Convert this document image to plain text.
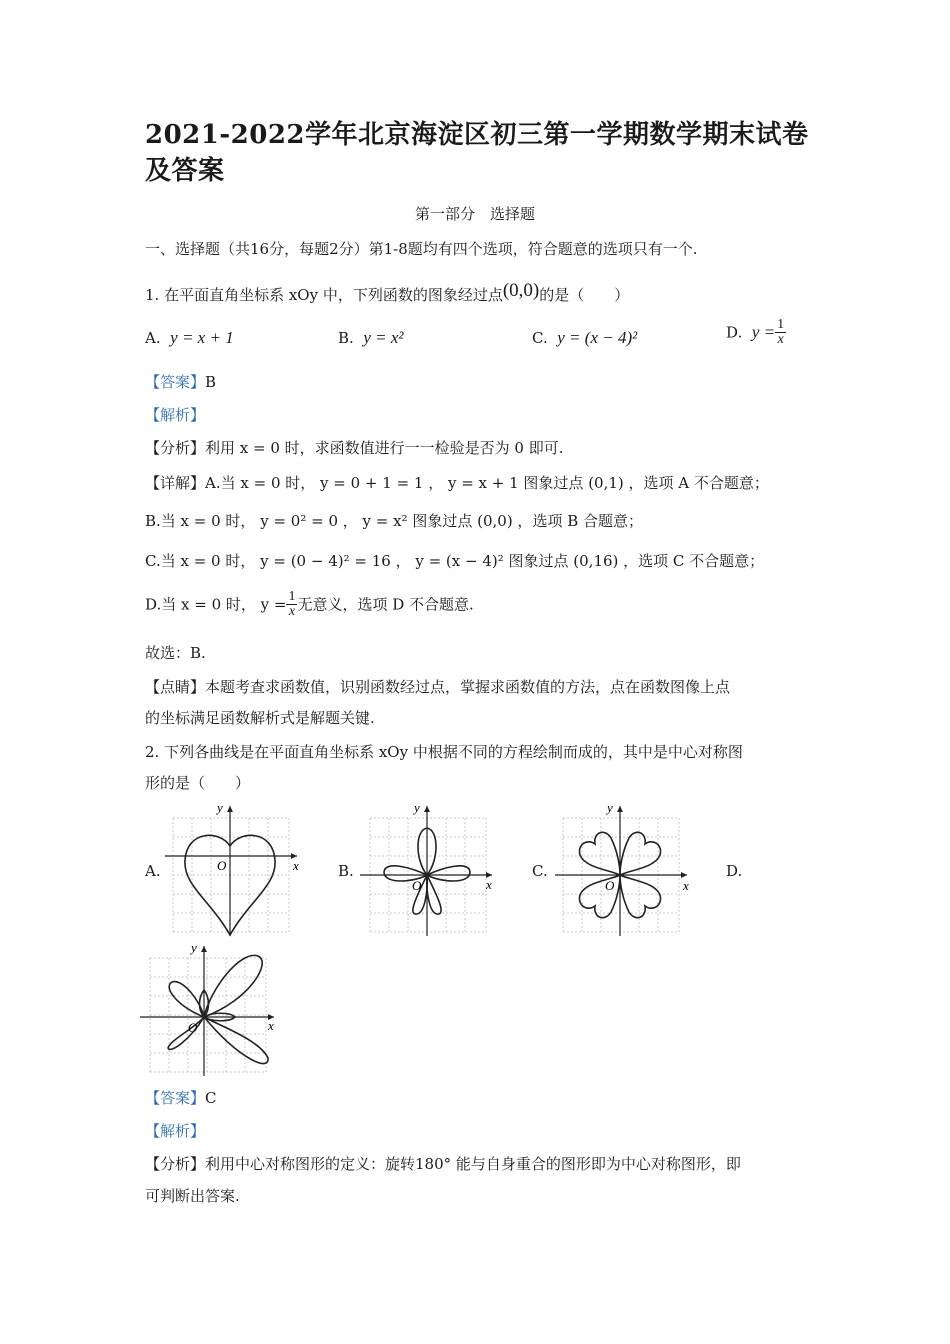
2021-2022学年北京海淀区初三第一学期数学期末试卷及答案
第一部分　选择题
一、选择题（共16分，每题2分）第1-8题均有四个选项，符合题意的选项只有一个.
1. 在平面直角坐标系 xOy 中，下列函数的图象经过点(0,0)的是（　　）
A. y = x + 1	B. y = x²	C. y = (x − 4)²	D. $y = \frac{1}{x}$
【答案】B
【解析】
【分析】利用 x = 0 时，求函数值进行一一检验是否为 0 即可.
【详解】A.当 x = 0 时， y = 0 + 1 = 1 ， y = x + 1 图象过点 (0,1) ，选项 A 不合题意；
B.当 x = 0 时， y = 0² = 0 ， y = x² 图象过点 (0,0) ，选项 B 合题意；
C.当 x = 0 时， y = (0 − 4)² = 16 ， y = (x − 4)² 图象过点 (0,16) ，选项 C 不合题意；
D.当 x = 0 时， $y = \frac{1}{x}$ 无意义，选项 D 不合题意.
故选：B.
【点睛】本题考查求函数值，识别函数经过点，掌握求函数值的方法，点在函数图像上点
的坐标满足函数解析式是解题关键.
2. 下列各曲线是在平面直角坐标系 xOy 中根据不同的方程绘制而成的，其中是中心对称图
形的是（　　）
A.	B.	C.	D.
x
y
O
x
y
O	x
y
O
x
y
O
【答案】C
【解析】
【分析】利用中心对称图形的定义：旋转180° 能与自身重合的图形即为中心对称图形，即
可判断出答案.
